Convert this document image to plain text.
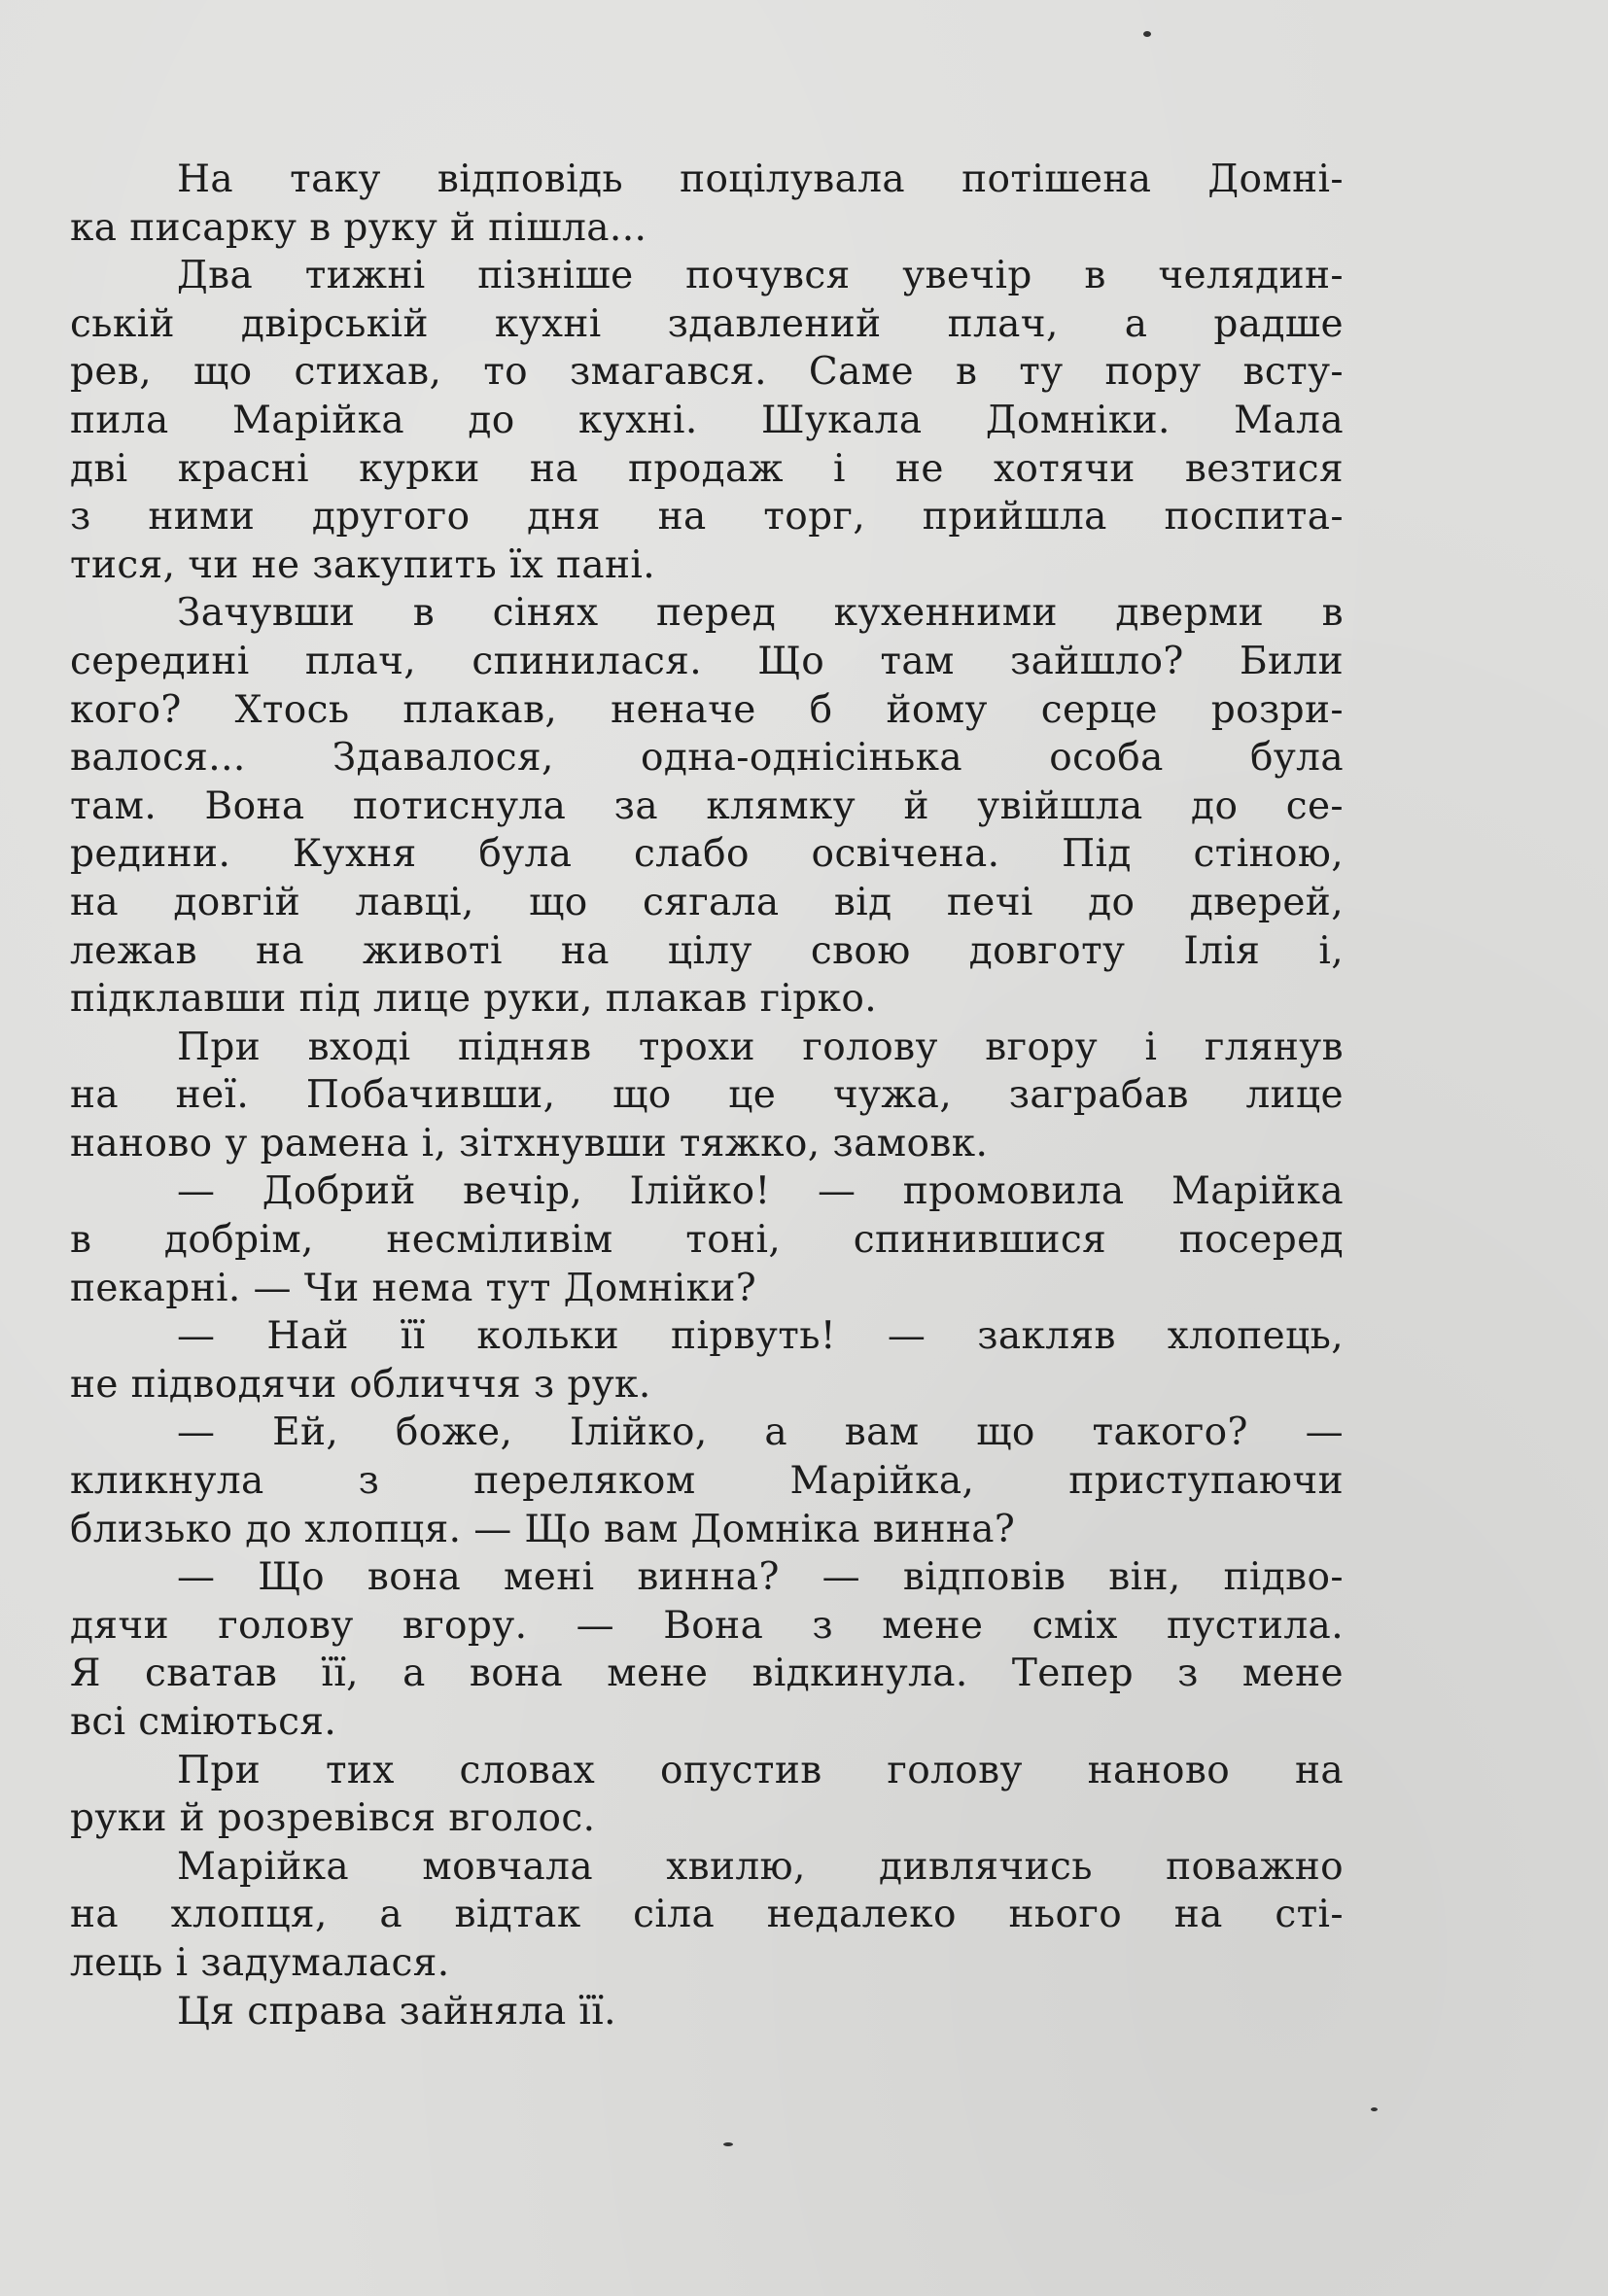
На таку відповідь поцілувала потішена Домні-
ка писарку в руку й пішла...
Два тижні пізніше почувся увечір в челядин-
ській двірській кухні здавлений плач, а радше
рев, що стихав, то змагався. Саме в ту пору всту-
пила Марійка до кухні. Шукала Домніки. Мала
дві красні курки на продаж і не хотячи везтися
з ними другого дня на торг, прийшла поспита-
тися, чи не закупить їх пані.
Зачувши в сінях перед кухенними дверми в
середині плач, спинилася. Що там зайшло? Били
кого? Хтось плакав, неначе б йому серце розри-
валося... Здавалося, одна-однісінька особа була
там. Вона потиснула за клямку й увійшла до се-
редини. Кухня була слабо освічена. Під стіною,
на довгій лавці, що сягала від печі до дверей,
лежав на животі на цілу свою довготу Ілія і,
підклавши під лице руки, плакав гірко.
При вході підняв трохи голову вгору і глянув
на неї. Побачивши, що це чужа, заграбав лице
наново у рамена і, зітхнувши тяжко, замовк.
— Добрий вечір, Ілійко! — промовила Марійка
в добрім, несміливім тоні, спинившися посеред
пекарні. — Чи нема тут Домніки?
— Най її кольки пірвуть! — закляв хлопець,
не підводячи обличчя з рук.
— Ей, боже, Ілійко, а вам що такого? —
кликнула з переляком Марійка, приступаючи
близько до хлопця. — Що вам Домніка винна?
— Що вона мені винна? — відповів він, підво-
дячи голову вгору. — Вона з мене сміх пустила.
Я сватав її, а вона мене відкинула. Тепер з мене
всі сміються.
При тих словах опустив голову наново на
руки й розревівся вголос.
Марійка мовчала хвилю, дивлячись поважно
на хлопця, а відтак сіла недалеко нього на сті-
лець і задумалася.
Ця справа зайняла її.
